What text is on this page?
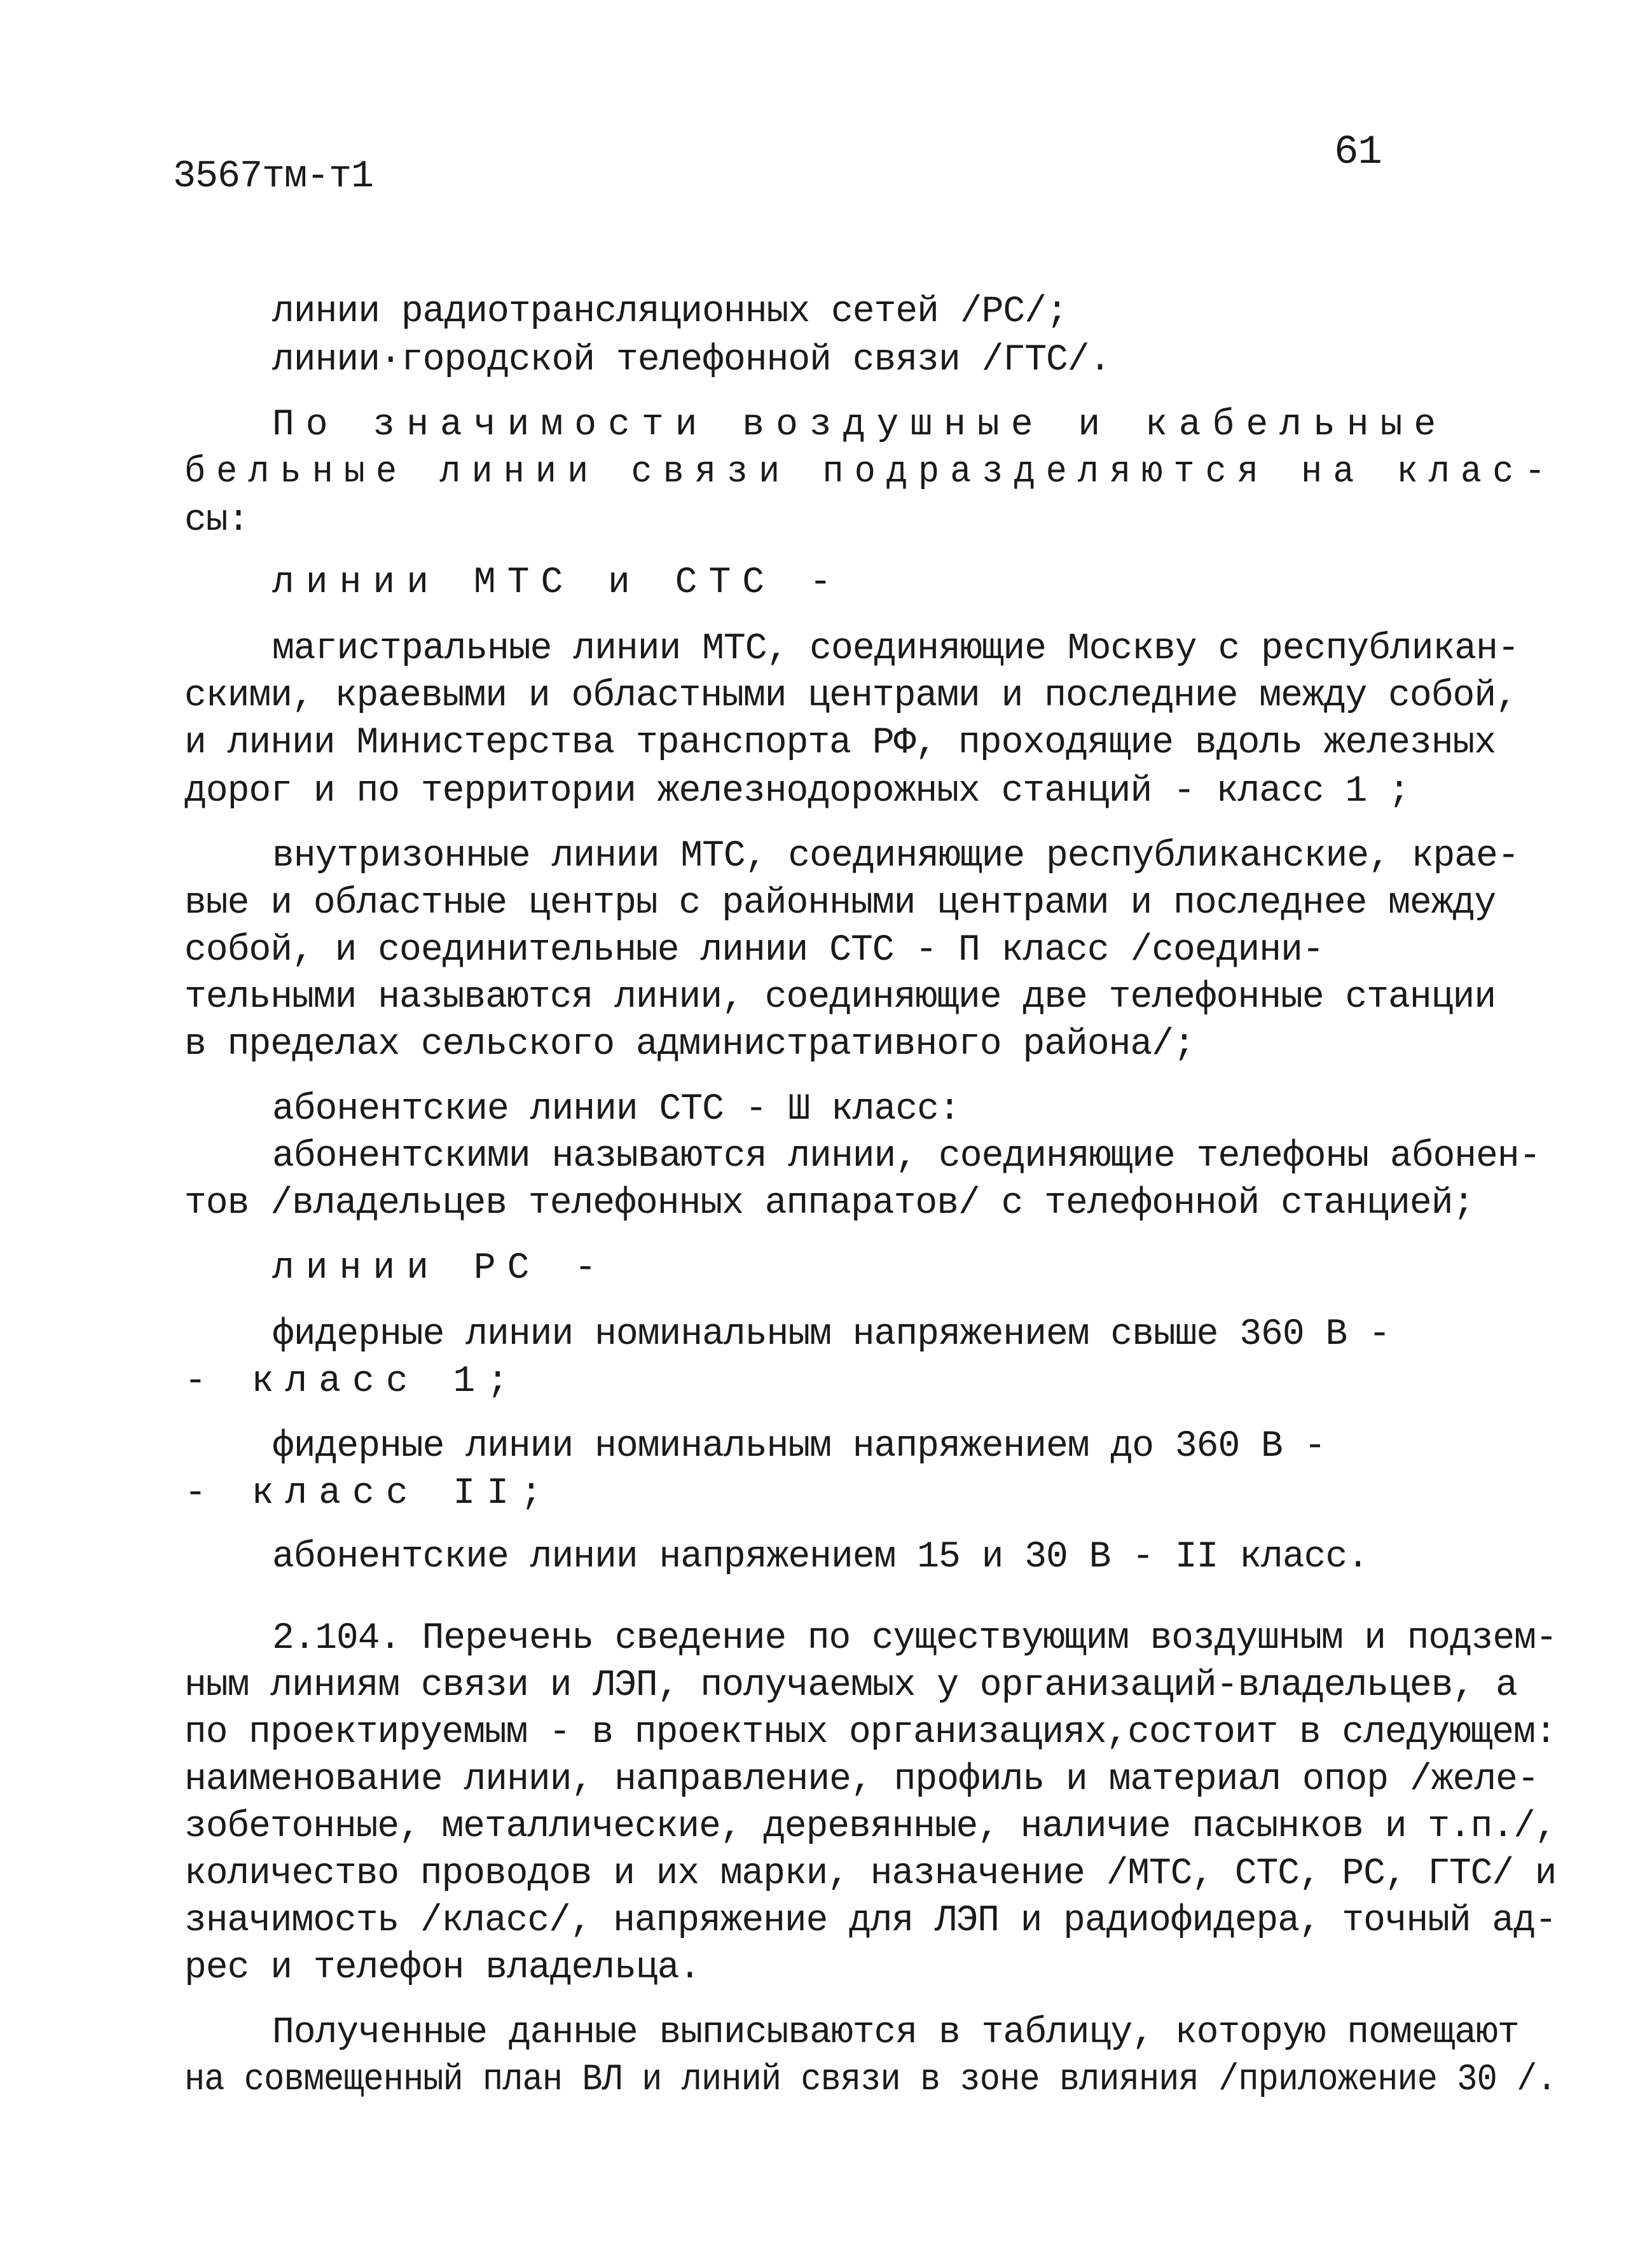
3567тм-т1
61
линии радиотрансляционных сетей /РС/;
линии·городской телефонной связи /ГТС/.
По значимости воздушные и кабельные
бельные линии связи подразделяются на клас-
сы:
линии МТС и СТС -
магистральные линии МТС, соединяющие Москву с республикан-
скими, краевыми и областными центрами и последние между собой,
и линии Министерства транспорта РФ, проходящие вдоль железных
дорог и по территории железнодорожных станций - класс 1 ;
внутризонные линии МТС, соединяющие республиканские, крае-
вые и областные центры с районными центрами и последнее между
собой, и соединительные линии СТС - П класс /соедини-
тельными называются линии, соединяющие две телефонные станции
в пределах сельского административного района/;
абонентские линии СТС - Ш класс:
абонентскими называются линии, соединяющие телефоны абонен-
тов /владельцев телефонных аппаратов/ с телефонной станцией;
линии РС -
фидерные линии номинальным напряжением свыше 360 В -
- класс 1;
фидерные линии номинальным напряжением до 360 В -
- класс II;
абонентские линии напряжением 15 и 30 В - II класс.
2.104. Перечень сведение по существующим воздушным и подзем-
ным линиям связи и ЛЭП, получаемых у организаций-владельцев, а
по проектируемым - в проектных организациях,состоит в следующем:
наименование линии, направление, профиль и материал опор /желе-
зобетонные, металлические, деревянные, наличие пасынков и т.п./,
количество проводов и их марки, назначение /МТС, СТС, РС, ГТС/ и
значимость /класс/, напряжение для ЛЭП и радиофидера, точный ад-
рес и телефон владельца.
Полученные данные выписываются в таблицу, которую помещают
на совмещенный план ВЛ и линий связи в зоне влияния /приложение 30 /.
